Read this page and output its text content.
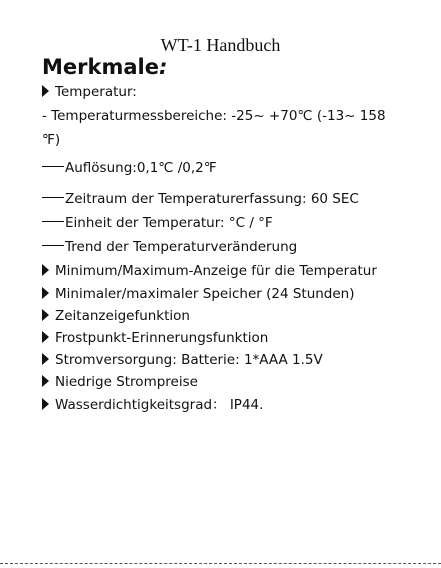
WT-1 Handbuch
Merkmale:
Temperatur:
- Temperaturmessbereiche: -25~ +70℃ (-13~ 158
℉)
Auflösung:0,1℃ /0,2℉
Zeitraum der Temperaturerfassung: 60 SEC
Einheit der Temperatur: °C / °F
Trend der Temperaturveränderung
Minimum/Maximum-Anzeige für die Temperatur
Minimaler/maximaler Speicher (24 Stunden)
Zeitanzeigefunktion
Frostpunkt-Erinnerungsfunktion
Stromversorgung: Batterie: 1*AAA 1.5V
Niedrige Strompreise
Wasserdichtigkeitsgrad： IP44.
